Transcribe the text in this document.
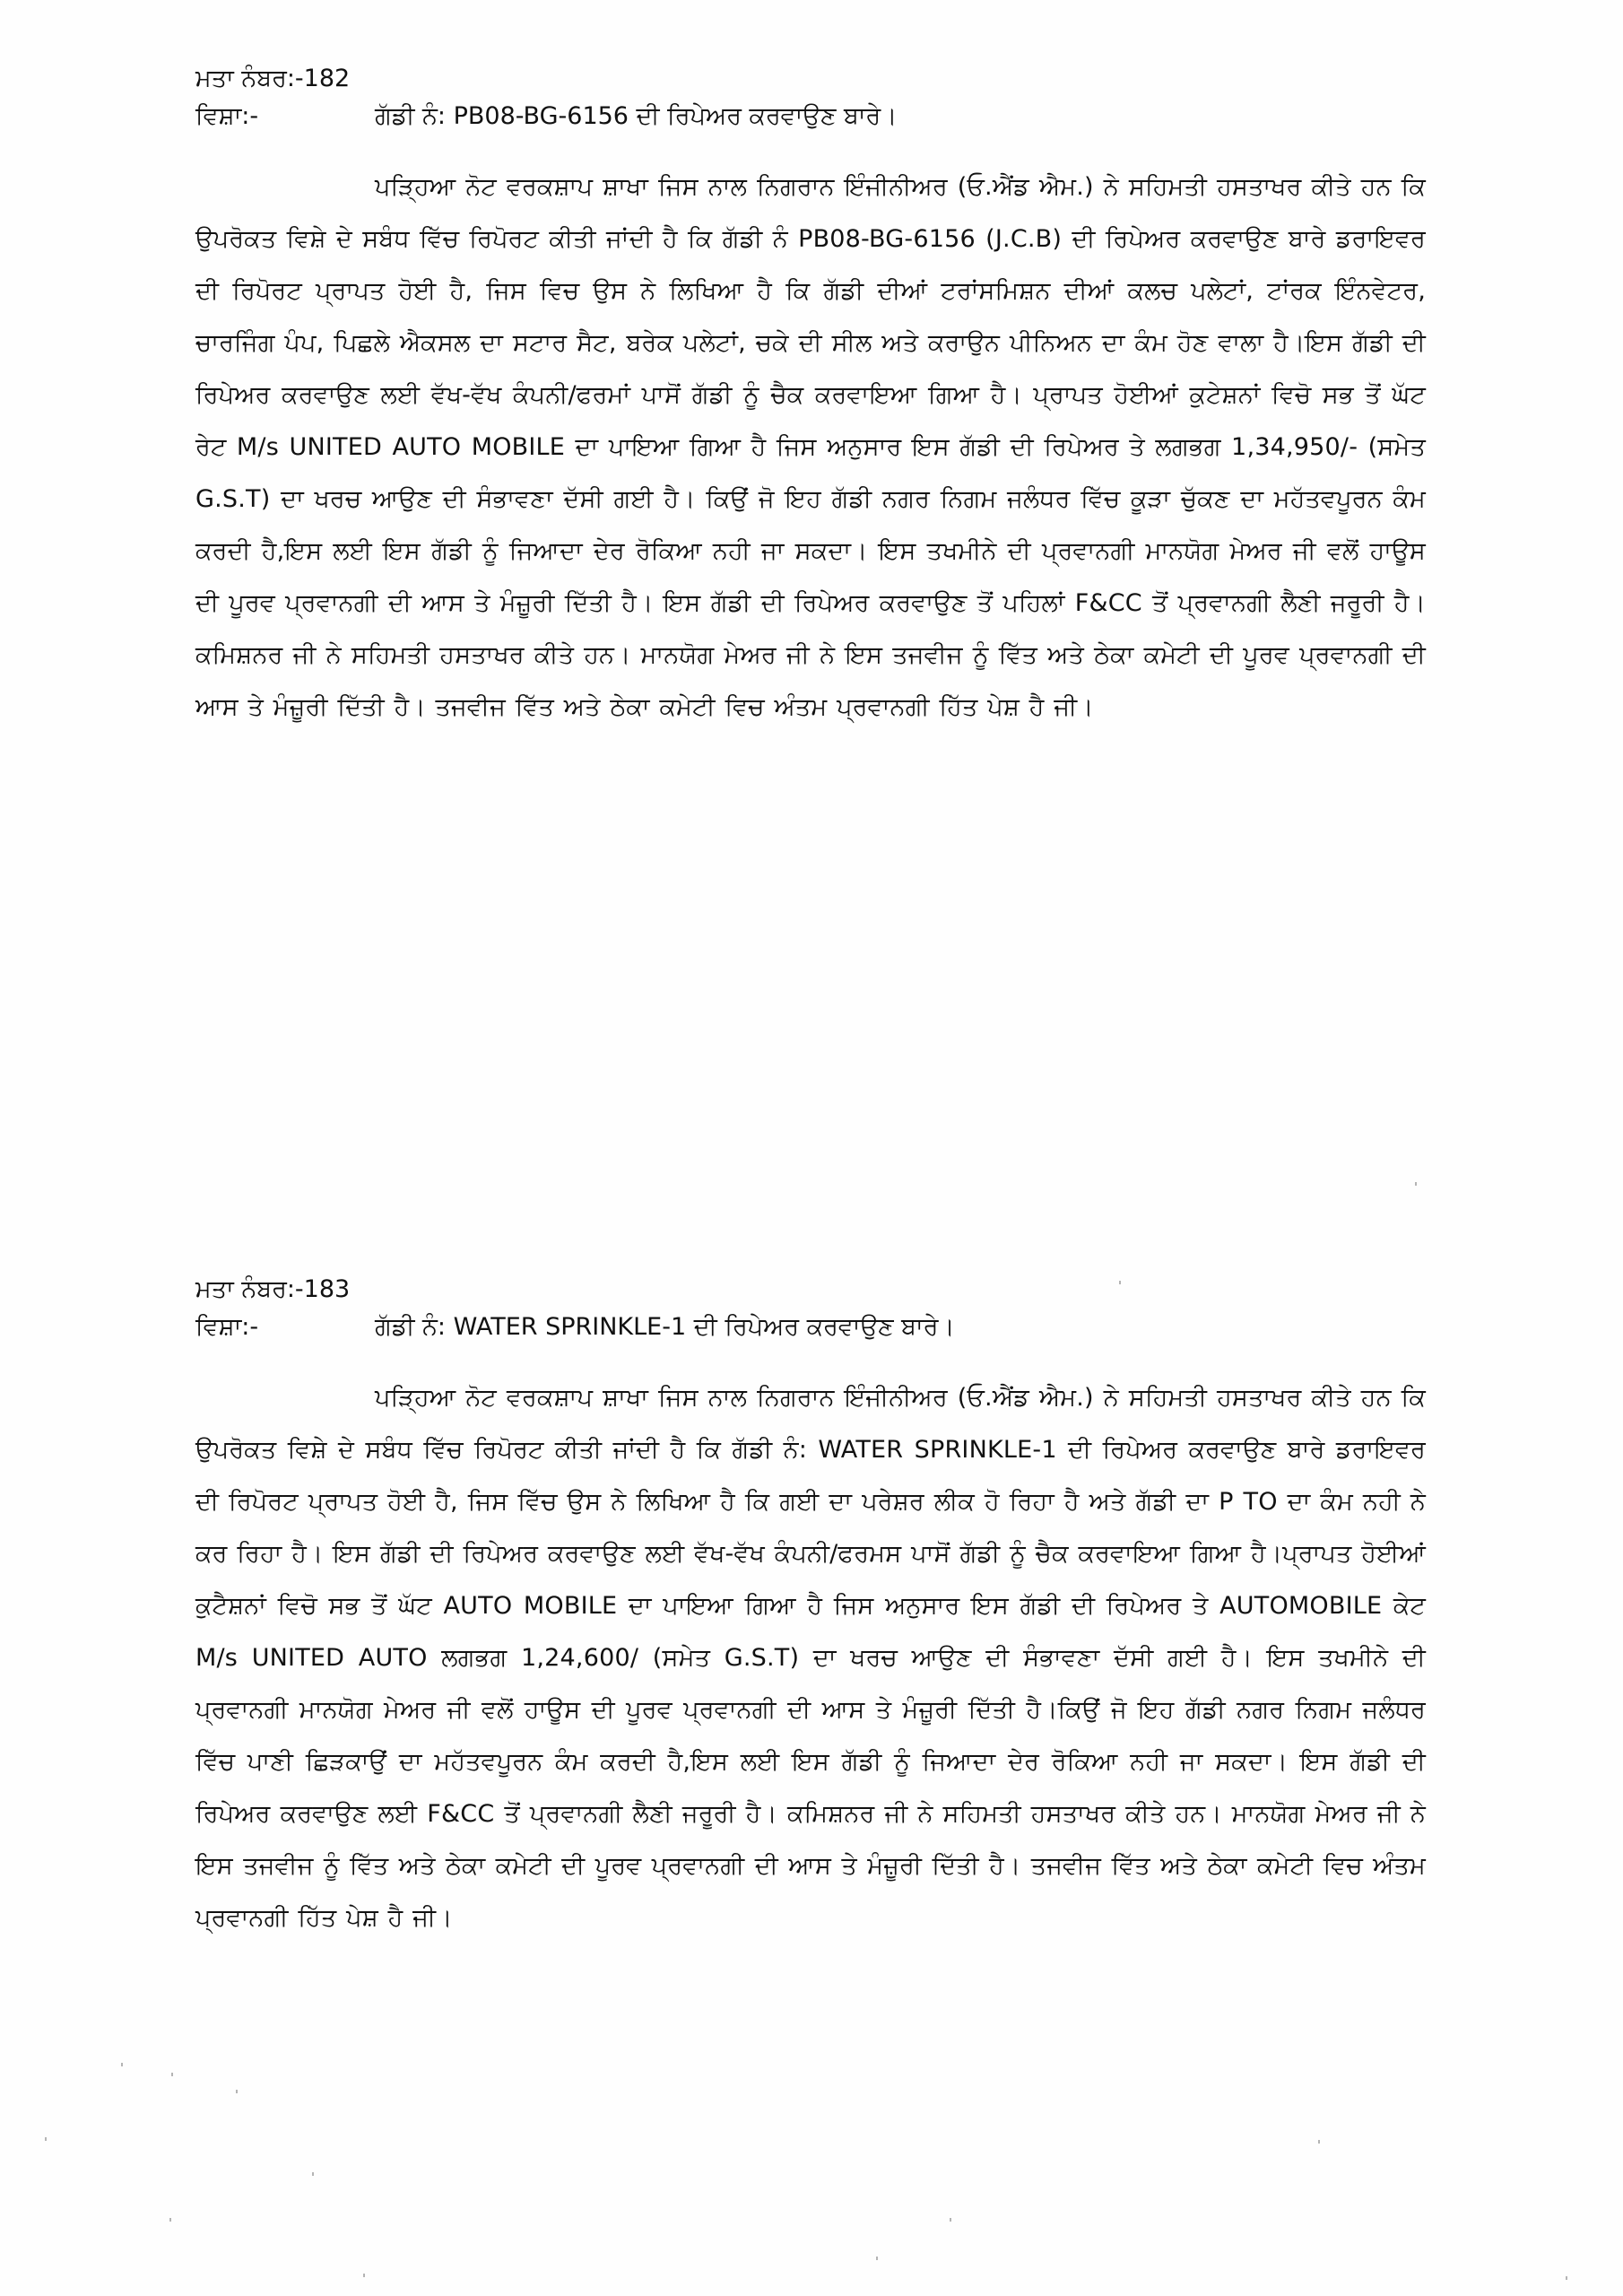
ਮਤਾ ਨੰਬਰ:-182
ਵਿਸ਼ਾ:-	ਗੱਡੀ ਨੰ: PB08-BG-6156 ਦੀ ਰਿਪੇਅਰ ਕਰਵਾਉਣ ਬਾਰੇ।

ਪੜ੍ਹਿਆ ਨੋਟ ਵਰਕਸ਼ਾਪ ਸ਼ਾਖਾ ਜਿਸ ਨਾਲ ਨਿਗਰਾਨ ਇੰਜੀਨੀਅਰ (ਓ.ਐਂਡ ਐਮ.) ਨੇ ਸਹਿਮਤੀ ਹਸਤਾਖਰ ਕੀਤੇ ਹਨ ਕਿ ਉਪਰੋਕਤ ਵਿਸ਼ੇ ਦੇ ਸਬੰਧ ਵਿੱਚ ਰਿਪੋਰਟ ਕੀਤੀ ਜਾਂਦੀ ਹੈ ਕਿ ਗੱਡੀ ਨੰ PB08-BG-6156 (J.C.B) ਦੀ ਰਿਪੇਅਰ ਕਰਵਾਉਣ ਬਾਰੇ ਡਰਾਇਵਰ ਦੀ ਰਿਪੋਰਟ ਪ੍ਰਾਪਤ ਹੋਈ ਹੈ, ਜਿਸ ਵਿਚ ਉਸ ਨੇ ਲਿਖਿਆ ਹੈ ਕਿ ਗੱਡੀ ਦੀਆਂ ਟਰਾਂਸਮਿਸ਼ਨ ਦੀਆਂ ਕਲਚ ਪਲੇਟਾਂ, ਟਾਂਰਕ ਇੰਨਵੇਟਰ, ਚਾਰਜਿੰਗ ਪੰਪ, ਪਿਛਲੇ ਐਕਸਲ ਦਾ ਸਟਾਰ ਸੈਟ, ਬਰੇਕ ਪਲੇਟਾਂ, ਚਕੇ ਦੀ ਸੀਲ ਅਤੇ ਕਰਾਉਨ ਪੀਨਿਅਨ ਦਾ ਕੰਮ ਹੋਣ ਵਾਲਾ ਹੈ।ਇਸ ਗੱਡੀ ਦੀ ਰਿਪੇਅਰ ਕਰਵਾਉਣ ਲਈ ਵੱਖ-ਵੱਖ ਕੰਪਨੀ/ਫਰਮਾਂ ਪਾਸੋਂ ਗੱਡੀ ਨੂੰ ਚੈਕ ਕਰਵਾਇਆ ਗਿਆ ਹੈ। ਪ੍ਰਾਪਤ ਹੋਈਆਂ ਕੁਟੇਸ਼ਨਾਂ ਵਿਚੋ ਸਭ ਤੋਂ ਘੱਟ ਰੇਟ M/s UNITED AUTO MOBILE ਦਾ ਪਾਇਆ ਗਿਆ ਹੈ ਜਿਸ ਅਨੁਸਾਰ ਇਸ ਗੱਡੀ ਦੀ ਰਿਪੇਅਰ ਤੇ ਲਗਭਗ 1,34,950/- (ਸਮੇਤ G.S.T) ਦਾ ਖਰਚ ਆਉਣ ਦੀ ਸੰਭਾਵਣਾ ਦੱਸੀ ਗਈ ਹੈ। ਕਿਉਂ ਜੋ ਇਹ ਗੱਡੀ ਨਗਰ ਨਿਗਮ ਜਲੰਧਰ ਵਿੱਚ ਕੂੜਾ ਚੁੱਕਣ ਦਾ ਮਹੱਤਵਪੂਰਨ ਕੰਮ ਕਰਦੀ ਹੈ,ਇਸ ਲਈ ਇਸ ਗੱਡੀ ਨੂੰ ਜਿਆਦਾ ਦੇਰ ਰੋਕਿਆ ਨਹੀ ਜਾ ਸਕਦਾ। ਇਸ ਤਖਮੀਨੇ ਦੀ ਪ੍ਰਵਾਨਗੀ ਮਾਨਯੋਗ ਮੇਅਰ ਜੀ ਵਲੋਂ ਹਾਊਸ ਦੀ ਪੂਰਵ ਪ੍ਰਵਾਨਗੀ ਦੀ ਆਸ ਤੇ ਮੰਜ਼ੂਰੀ ਦਿੱਤੀ ਹੈ। ਇਸ ਗੱਡੀ ਦੀ ਰਿਪੇਅਰ ਕਰਵਾਉਣ ਤੋਂ ਪਹਿਲਾਂ F&CC ਤੋਂ ਪ੍ਰਵਾਨਗੀ ਲੈਣੀ ਜਰੂਰੀ ਹੈ। ਕਮਿਸ਼ਨਰ ਜੀ ਨੇ ਸਹਿਮਤੀ ਹਸਤਾਖਰ ਕੀਤੇ ਹਨ। ਮਾਨਯੋਗ ਮੇਅਰ ਜੀ ਨੇ ਇਸ ਤਜਵੀਜ ਨੂੰ ਵਿੱਤ ਅਤੇ ਠੇਕਾ ਕਮੇਟੀ ਦੀ ਪੂਰਵ ਪ੍ਰਵਾਨਗੀ ਦੀ ਆਸ ਤੇ ਮੰਜ਼ੂਰੀ ਦਿੱਤੀ ਹੈ। ਤਜਵੀਜ ਵਿੱਤ ਅਤੇ ਠੇਕਾ ਕਮੇਟੀ ਵਿਚ ਅੰਤਮ ਪ੍ਰਵਾਨਗੀ ਹਿੱਤ ਪੇਸ਼ ਹੈ ਜੀ।

ਮਤਾ ਨੰਬਰ:-183
ਵਿਸ਼ਾ:-	ਗੱਡੀ ਨੰ: WATER SPRINKLE-1 ਦੀ ਰਿਪੇਅਰ ਕਰਵਾਉਣ ਬਾਰੇ।

ਪੜ੍ਹਿਆ ਨੋਟ ਵਰਕਸ਼ਾਪ ਸ਼ਾਖਾ ਜਿਸ ਨਾਲ ਨਿਗਰਾਨ ਇੰਜੀਨੀਅਰ (ਓ.ਐਂਡ ਐਮ.) ਨੇ ਸਹਿਮਤੀ ਹਸਤਾਖਰ ਕੀਤੇ ਹਨ ਕਿ ਉਪਰੋਕਤ ਵਿਸ਼ੇ ਦੇ ਸਬੰਧ ਵਿੱਚ ਰਿਪੋਰਟ ਕੀਤੀ ਜਾਂਦੀ ਹੈ ਕਿ ਗੱਡੀ ਨੰ: WATER SPRINKLE-1 ਦੀ ਰਿਪੇਅਰ ਕਰਵਾਉਣ ਬਾਰੇ ਡਰਾਇਵਰ ਦੀ ਰਿਪੋਰਟ ਪ੍ਰਾਪਤ ਹੋਈ ਹੈ, ਜਿਸ ਵਿੱਚ ਉਸ ਨੇ ਲਿਖਿਆ ਹੈ ਕਿ ਗਈ ਦਾ ਪਰੇਸ਼ਰ ਲੀਕ ਹੋ ਰਿਹਾ ਹੈ ਅਤੇ ਗੱਡੀ ਦਾ P TO ਦਾ ਕੰਮ ਨਹੀ ਨੇ ਕਰ ਰਿਹਾ ਹੈ। ਇਸ ਗੱਡੀ ਦੀ ਰਿਪੇਅਰ ਕਰਵਾਉਣ ਲਈ ਵੱਖ-ਵੱਖ ਕੰਪਨੀ/ਫਰਮਸ ਪਾਸੋਂ ਗੱਡੀ ਨੂੰ ਚੈਕ ਕਰਵਾਇਆ ਗਿਆ ਹੈ।ਪ੍ਰਾਪਤ ਹੋਈਆਂ ਕੁਟੈਸ਼ਨਾਂ ਵਿਚੋ ਸਭ ਤੋਂ ਘੱਟ AUTO MOBILE ਦਾ ਪਾਇਆ ਗਿਆ ਹੈ ਜਿਸ ਅਨੁਸਾਰ ਇਸ ਗੱਡੀ ਦੀ ਰਿਪੇਅਰ ਤੇ AUTOMOBILE ਕੇਟ M/s UNITED AUTO ਲਗਭਗ 1,24,600/ (ਸਮੇਤ G.S.T) ਦਾ ਖਰਚ ਆਉਣ ਦੀ ਸੰਭਾਵਣਾ ਦੱਸੀ ਗਈ ਹੈ। ਇਸ ਤਖਮੀਨੇ ਦੀ ਪ੍ਰਵਾਨਗੀ ਮਾਨਯੋਗ ਮੇਅਰ ਜੀ ਵਲੋਂ ਹਾਊਸ ਦੀ ਪੂਰਵ ਪ੍ਰਵਾਨਗੀ ਦੀ ਆਸ ਤੇ ਮੰਜ਼ੂਰੀ ਦਿੱਤੀ ਹੈ।ਕਿਉਂ ਜੋ ਇਹ ਗੱਡੀ ਨਗਰ ਨਿਗਮ ਜਲੰਧਰ ਵਿੱਚ ਪਾਣੀ ਛਿੜਕਾਉਂ ਦਾ ਮਹੱਤਵਪੂਰਨ ਕੰਮ ਕਰਦੀ ਹੈ,ਇਸ ਲਈ ਇਸ ਗੱਡੀ ਨੂੰ ਜਿਆਦਾ ਦੇਰ ਰੋਕਿਆ ਨਹੀ ਜਾ ਸਕਦਾ। ਇਸ ਗੱਡੀ ਦੀ ਰਿਪੇਅਰ ਕਰਵਾਉਣ ਲਈ F&CC ਤੋਂ ਪ੍ਰਵਾਨਗੀ ਲੈਣੀ ਜਰੂਰੀ ਹੈ। ਕਮਿਸ਼ਨਰ ਜੀ ਨੇ ਸਹਿਮਤੀ ਹਸਤਾਖਰ ਕੀਤੇ ਹਨ। ਮਾਨਯੋਗ ਮੇਅਰ ਜੀ ਨੇ ਇਸ ਤਜਵੀਜ ਨੂੰ ਵਿੱਤ ਅਤੇ ਠੇਕਾ ਕਮੇਟੀ ਦੀ ਪੂਰਵ ਪ੍ਰਵਾਨਗੀ ਦੀ ਆਸ ਤੇ ਮੰਜ਼ੂਰੀ ਦਿੱਤੀ ਹੈ। ਤਜਵੀਜ ਵਿੱਤ ਅਤੇ ਠੇਕਾ ਕਮੇਟੀ ਵਿਚ ਅੰਤਮ ਪ੍ਰਵਾਨਗੀ ਹਿੱਤ ਪੇਸ਼ ਹੈ ਜੀ।
